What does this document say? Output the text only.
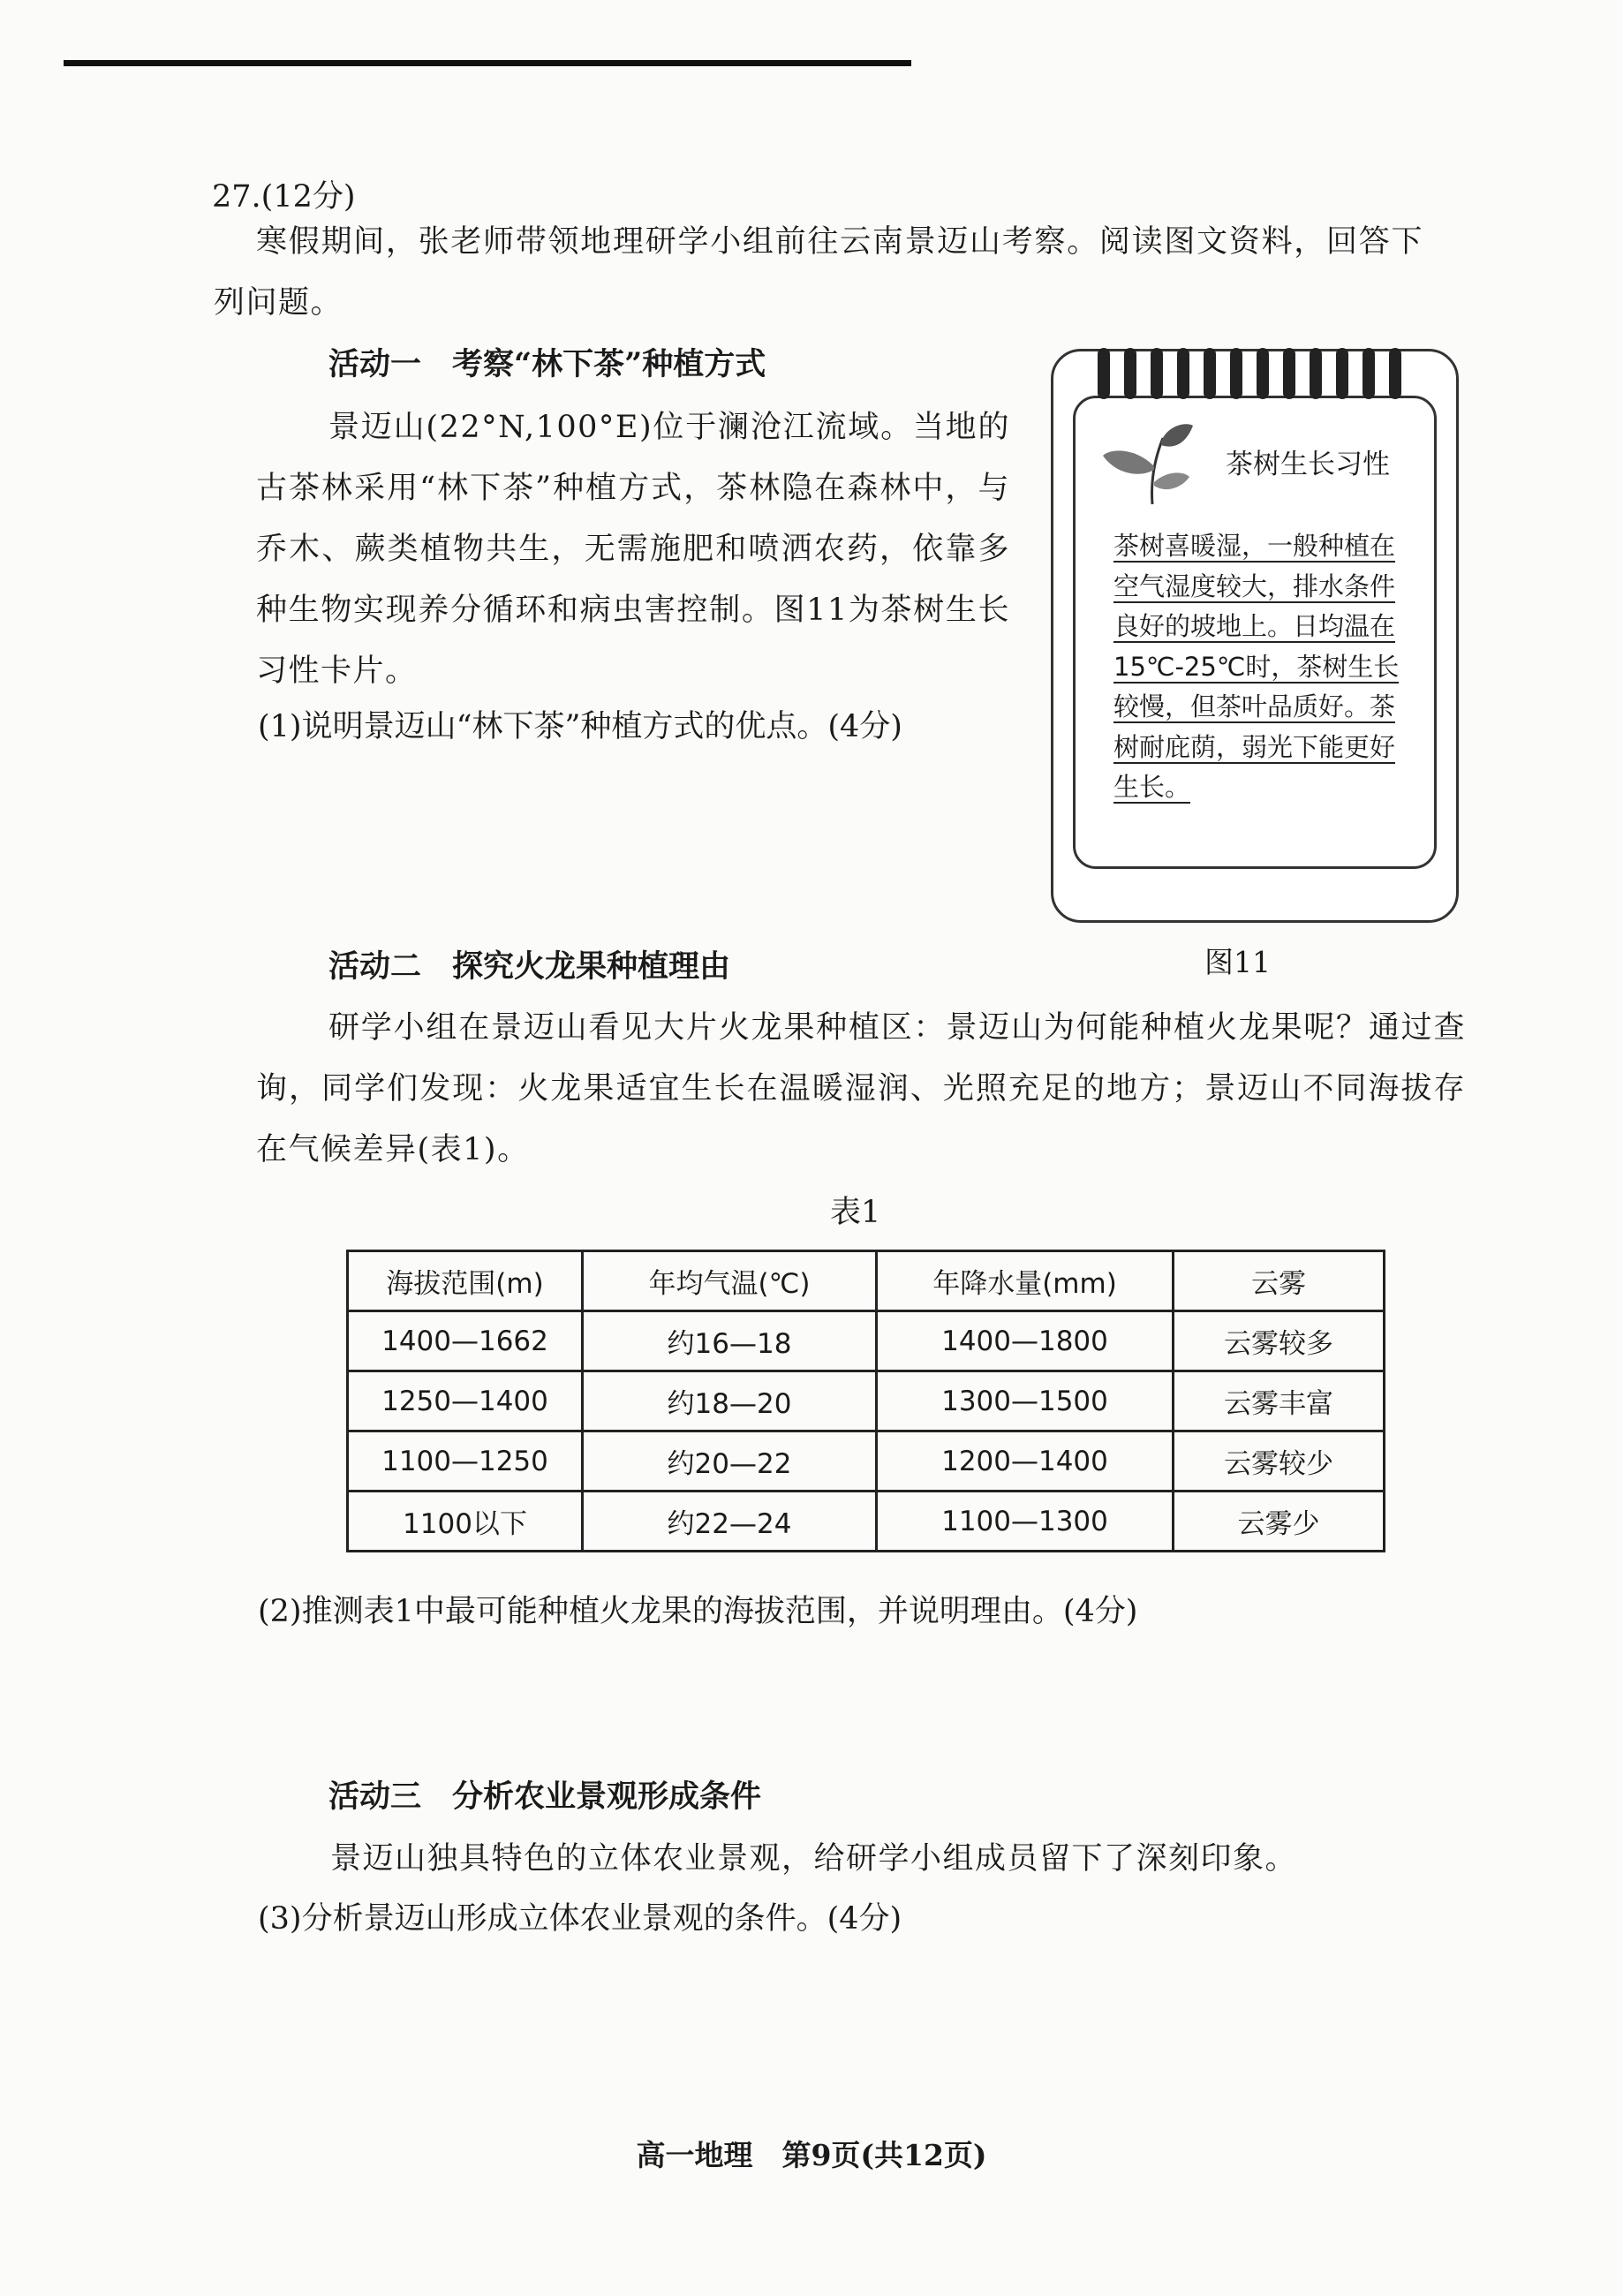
27.(12分)
寒假期间，张老师带领地理研学小组前往云南景迈山考察。阅读图文资料，回答下列问题。
活动一　考察“林下茶”种植方式
景迈山(22°N,100°E)位于澜沧江流域。当地的古茶林采用“林下茶”种植方式，茶林隐在森林中，与乔木、蕨类植物共生，无需施肥和喷洒农药，依靠多种生物实现养分循环和病虫害控制。图11为茶树生长习性卡片。
(1)说明景迈山“林下茶”种植方式的优点。(4分)
茶树生长习性
茶树喜暖湿，一般种植在空气湿度较大，排水条件良好的坡地上。日均温在15℃-25℃时，茶树生长较慢，但茶叶品质好。茶树耐庇荫，弱光下能更好生长。
图11
活动二　探究火龙果种植理由
研学小组在景迈山看见大片火龙果种植区：景迈山为何能种植火龙果呢？通过查询，同学们发现：火龙果适宜生长在温暖湿润、光照充足的地方；景迈山不同海拔存在气候差异(表1)。
表1
海拔范围(m)	年均气温(℃)	年降水量(mm)	云雾
1400—1662	约16—18	1400—1800	云雾较多
1250—1400	约18—20	1300—1500	云雾丰富
1100—1250	约20—22	1200—1400	云雾较少
1100以下	约22—24	1100—1300	云雾少
(2)推测表1中最可能种植火龙果的海拔范围，并说明理由。(4分)
活动三　分析农业景观形成条件
景迈山独具特色的立体农业景观，给研学小组成员留下了深刻印象。
(3)分析景迈山形成立体农业景观的条件。(4分)
高一地理　第9页(共12页)
